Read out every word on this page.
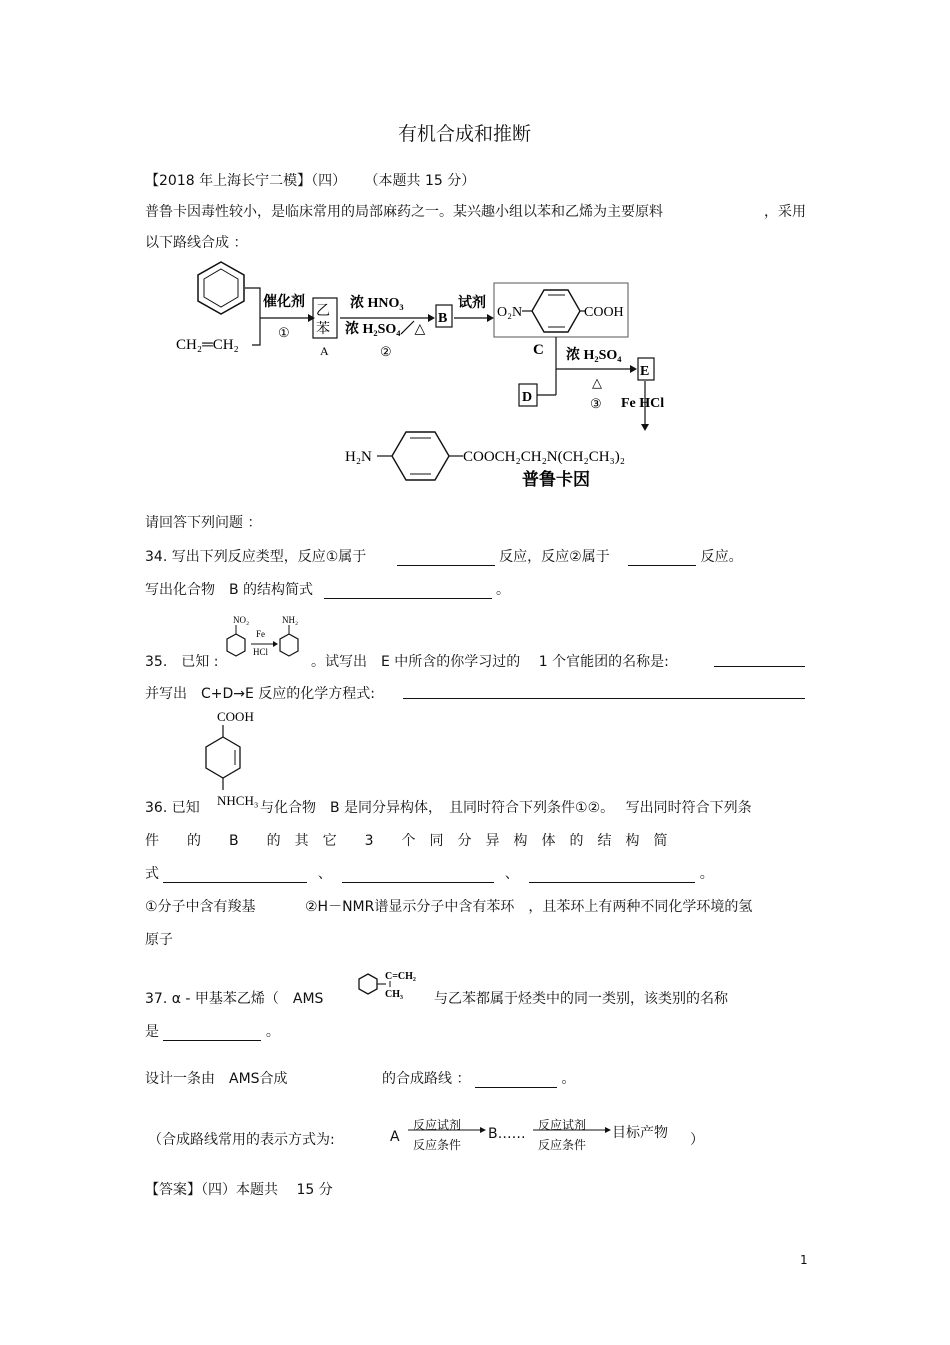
有机合成和推断
【2018 年上海长宁二模】（四） （本题共 15 分）
普鲁卡因毒性较小，是临床常用的局部麻药之一。某兴趣小组以苯和乙烯为主要原料	，采用
以下路线合成 ：
CH₂═CH₂
催化剂
①
乙
苯
A
浓 HNO₃
浓 H₂SO₄／△
②
B
试剂
O₂N	COOH
C
D
浓 H₂SO₄
△
③
E
Fe HCl
H₂N	COOCH₂CH₂N(CH₂CH₃)₂
普鲁卡因
请回答下列问题 ：
34. 写出下列反应类型，反应①属于	反应，反应②属于	反应。
写出化合物　B 的结构简式	。
35.　已知 :
NO₂
Fe
HCl
NH₂
。试写出　E 中所含的你学习过的　 1 个官能团的名称是:
并写出　C+D→E 反应的化学方程式:
COOH
NHCH₃
36. 已知	与化合物　B 是同分异构体，　且同时符合下列条件①②。　 写出同时符合下列条
件　　的　　B　　的　其　它　　3　　个　同　分　异　构　体　的　结　构　简
式	、	、	。
①分子中含有羧基	②H－NMR谱显示分子中含有苯环　，且苯环上有两种不同化学环境的氢
原子
37. α - 甲基苯乙烯（　AMS
C=CH₂
CH₃ 与乙苯都属于烃类中的同一类别，该类别的名称
是	。
设计一条由　AMS合成	的合成路线 ：	。
（合成路线常用的表示方式为:	A
反应试剂
反应条件
B……
反应试剂
反应条件
目标产物 ）
【答案】（四）本题共　 15 分
1
